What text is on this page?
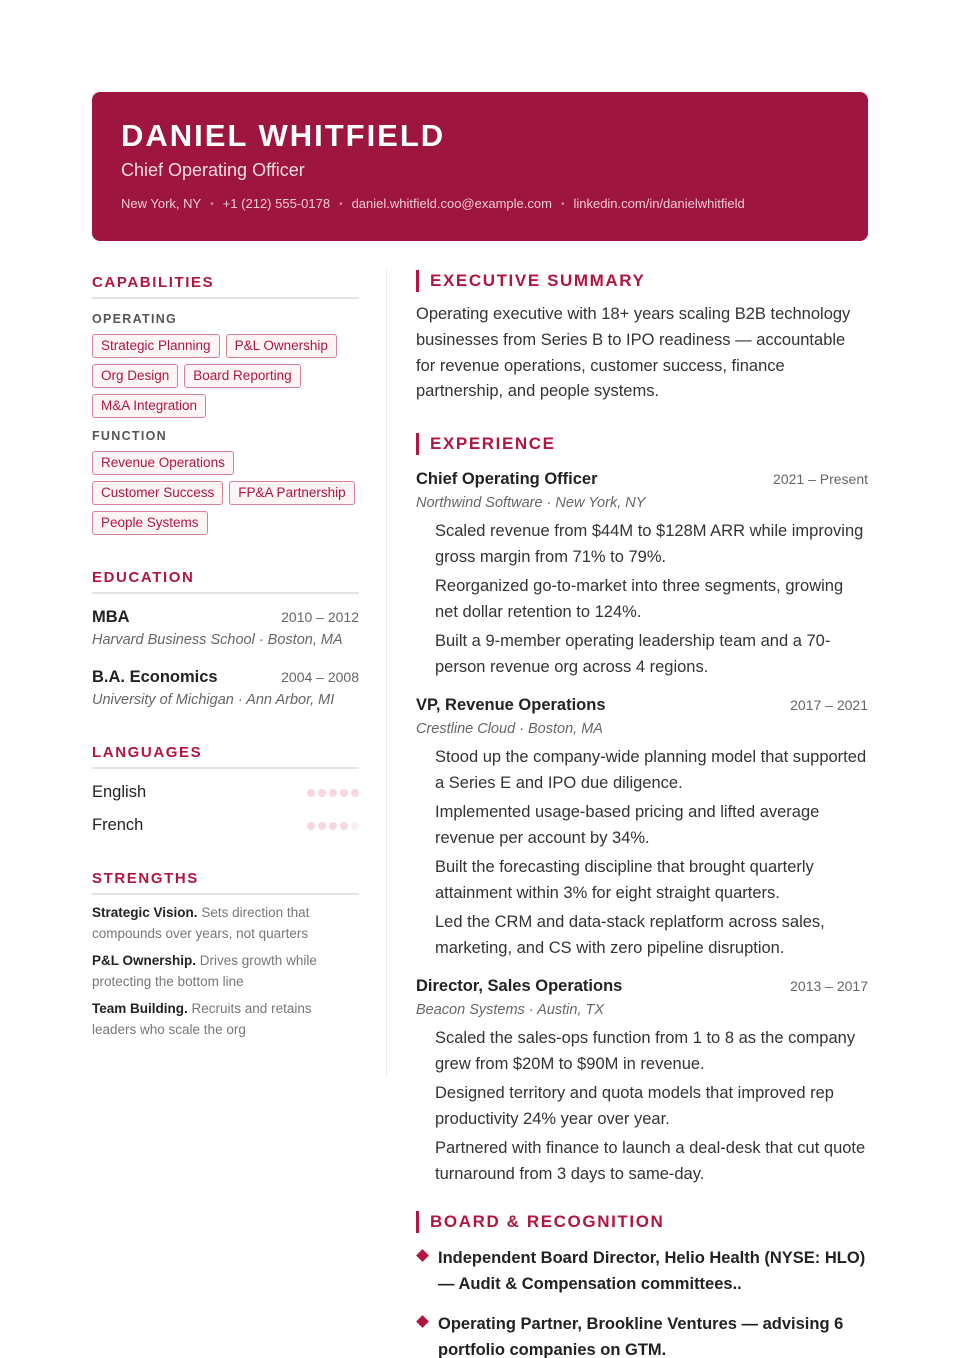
DANIEL WHITFIELD
Chief Operating Officer
New York, NY • +1 (212) 555-0178 • daniel.whitfield.coo@example.com • linkedin.com/in/danielwhitfield
CAPABILITIES
OPERATING
Strategic Planning	P&L Ownership
Org Design	Board Reporting
M&A Integration
FUNCTION
Revenue Operations
Customer Success	FP&A Partnership
People Systems
EDUCATION
MBA	2010 – 2012
Harvard Business School · Boston, MA
B.A. Economics	2004 – 2008
University of Michigan · Ann Arbor, MI
LANGUAGES
English
French
STRENGTHS
Strategic Vision. Sets direction that compounds over years, not quarters
P&L Ownership. Drives growth while protecting the bottom line
Team Building. Recruits and retains leaders who scale the org
EXECUTIVE SUMMARY

Operating executive with 18+ years scaling B2B technology businesses from Series B to IPO readiness — accountable for revenue operations, customer success, finance partnership, and people systems.

EXPERIENCE
Chief Operating Officer	2021 – Present
Northwind Software · New York, NY
Scaled revenue from $44M to $128M ARR while improving gross margin from 71% to 79%.
Reorganized go-to-market into three segments, growing net dollar retention to 124%.
Built a 9-member operating leadership team and a 70-person revenue org across 4 regions.
VP, Revenue Operations	2017 – 2021
Crestline Cloud · Boston, MA
Stood up the company-wide planning model that supported a Series E and IPO due diligence.
Implemented usage-based pricing and lifted average revenue per account by 34%.
Built the forecasting discipline that brought quarterly attainment within 3% for eight straight quarters.
Led the CRM and data-stack replatform across sales, marketing, and CS with zero pipeline disruption.
Director, Sales Operations	2013 – 2017
Beacon Systems · Austin, TX
Scaled the sales-ops function from 1 to 8 as the company grew from $20M to $90M in revenue.
Designed territory and quota models that improved rep productivity 24% year over year.
Partnered with finance to launch a deal-desk that cut quote turnaround from 3 days to same-day.
BOARD & RECOGNITION
Independent Board Director, Helio Health (NYSE: HLO) — Audit & Compensation committees..
Operating Partner, Brookline Ventures — advising 6 portfolio companies on GTM.
